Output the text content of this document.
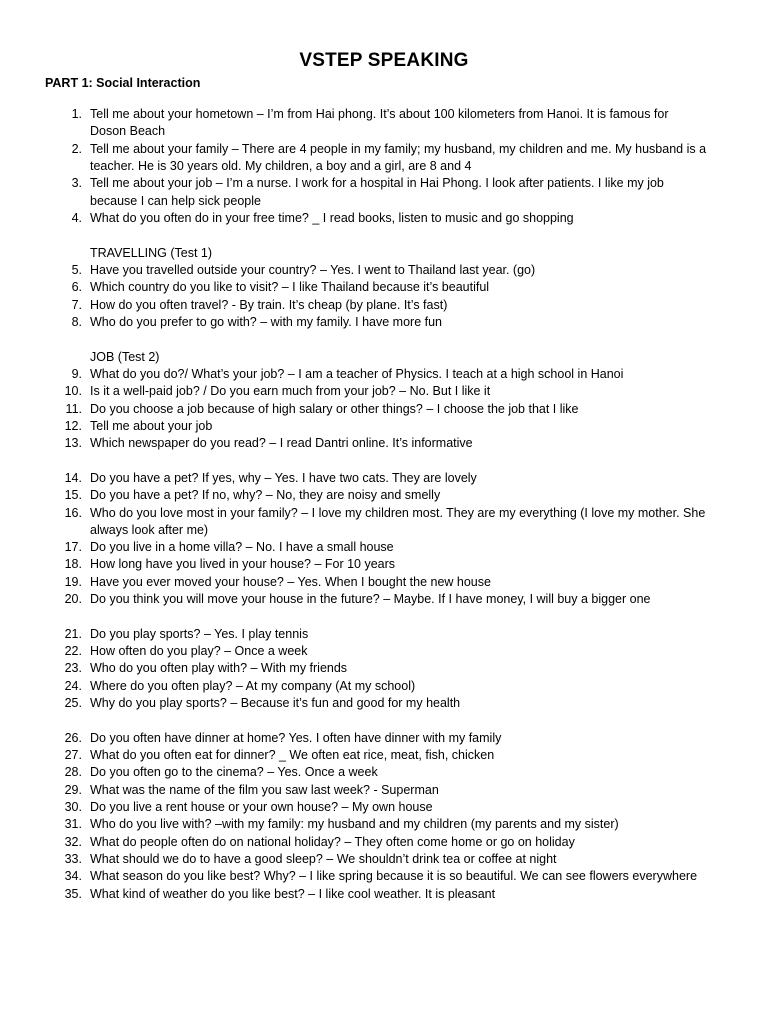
VSTEP SPEAKING
PART 1: Social Interaction
1. Tell me about your hometown – I’m from Hai phong. It’s about 100 kilometers from Hanoi. It is famous for
Doson Beach
2. Tell me about your family – There are 4 people in my family; my husband, my children and me. My husband is a
teacher. He is 30 years old. My children, a boy and a girl, are 8 and 4
3. Tell me about your job – I’m a nurse. I work for a hospital in Hai Phong. I look after patients. I like my job
because I can help sick people
4. What do you often do in your free time? _ I read books, listen to music and go shopping
TRAVELLING (Test 1)
5. Have you travelled outside your country? – Yes. I went to Thailand last year. (go)
6. Which country do you like to visit? – I like Thailand because it’s beautiful
7. How do you often travel? - By train. It’s cheap (by plane. It’s fast)
8. Who do you prefer to go with? – with my family. I have more fun
JOB (Test 2)
9. What do you do?/ What’s your job? – I am a teacher of Physics. I teach at a high school in Hanoi
10. Is it a well-paid job? / Do you earn much from your job? – No. But I like it
11. Do you choose a job because of high salary or other things? – I choose the job that I like
12. Tell me about your job
13. Which newspaper do you read? – I read Dantri online. It’s informative
14. Do you have a pet? If yes, why – Yes. I have two cats. They are lovely
15. Do you have a pet? If no, why? – No, they are noisy and smelly
16. Who do you love most in your family? – I love my children most. They are my everything (I love my mother. She
always look after me)
17. Do you live in a home villa? – No. I have a small house
18. How long have you lived in your house? – For 10 years
19. Have you ever moved your house? – Yes. When I bought the new house
20. Do you think you will move your house in the future? – Maybe. If I have money, I will buy a bigger one
21. Do you play sports? – Yes. I play tennis
22. How often do you play? – Once a week
23. Who do you often play with? – With my friends
24. Where do you often play? – At my company (At my school)
25. Why do you play sports? – Because it’s fun and good for my health
26. Do you often have dinner at home? Yes. I often have dinner with my family
27. What do you often eat for dinner? _ We often eat rice, meat, fish, chicken
28. Do you often go to the cinema? – Yes. Once a week
29. What was the name of the film you saw last week? - Superman
30. Do you live a rent house or your own house? – My own house
31. Who do you live with? –with my family: my husband and my children (my parents and my sister)
32. What do people often do on national holiday? – They often come home or go on holiday
33. What should we do to have a good sleep? – We shouldn’t drink tea or coffee at night
34. What season do you like best? Why? – I like spring because it is so beautiful. We can see flowers everywhere
35. What kind of weather do you like best? – I like cool weather. It is pleasant
